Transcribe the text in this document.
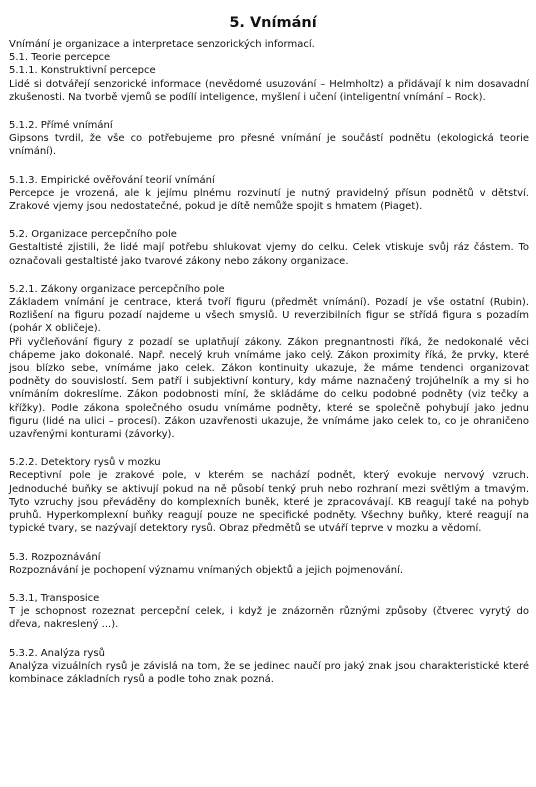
5. Vnímání
Vnímání je organizace a interpretace senzorických informací.
5.1. Teorie percepce
5.1.1. Konstruktivní percepce
Lidé si dotvářejí senzorické informace (nevědomé usuzování – Helmholtz) a přidávají k nim dosavadní zkušenosti. Na tvorbě vjemů se podílí inteligence, myšlení i učení (inteligentní vnímání – Rock).
5.1.2. Přímé vnímání
Gipsons tvrdil, že vše co potřebujeme pro přesné vnímání je součástí podnětu (ekologická teorie vnímání).
5.1.3. Empirické ověřování teorií vnímání
Percepce je vrozená, ale k jejímu plnému rozvinutí je nutný pravidelný přísun podnětů v dětství. Zrakové vjemy jsou nedostatečné, pokud je dítě nemůže spojit s hmatem (Piaget).
5.2. Organizace percepčního pole
Gestaltisté zjistili, že lidé mají potřebu shlukovat vjemy do celku. Celek vtiskuje svůj ráz částem. To označovali gestaltisté jako tvarové zákony nebo zákony organizace.
5.2.1. Zákony organizace percepčního pole
Základem vnímání je centrace, která tvoří figuru (předmět vnímání). Pozadí je vše ostatní (Rubin). Rozlišení na figuru pozadí najdeme u všech smyslů. U reverzibilních figur se střídá figura s pozadím (pohár X obličeje).
Při vyčleňování figury z pozadí se uplatňují zákony. Zákon pregnantnosti říká, že nedokonalé věci chápeme jako dokonalé. Např. necelý kruh vnímáme jako celý. Zákon proximity říká, že prvky, které jsou blízko sebe, vnímáme jako celek. Zákon kontinuity ukazuje, že máme tendenci organizovat podněty do souvislostí. Sem patří i subjektivní kontury, kdy máme naznačený trojúhelník a my si ho vnímáním dokreslíme. Zákon podobnosti míní, že skládáme do celku podobné podněty (viz tečky a křížky). Podle zákona společného osudu vnímáme podněty, které se společně pohybují jako jednu figuru (lidé na ulici – procesí). Zákon uzavřenosti ukazuje, že vnímáme jako celek to, co je ohraničeno uzavřenými konturami (závorky).
5.2.2. Detektory rysů v mozku
Receptivní pole je zrakové pole, v kterém se nachází podnět, který evokuje nervový vzruch. Jednoduché buňky se aktivují pokud na ně působí tenký pruh nebo rozhraní mezi světlým a tmavým. Tyto vzruchy jsou převáděny do komplexních buněk, které je zpracovávají. KB reagují také na pohyb pruhů. Hyperkomplexní buňky reagují pouze ne specifické podněty. Všechny buňky, které reagují na typické tvary, se nazývají detektory rysů. Obraz předmětů se utváří teprve v mozku a vědomí.
5.3. Rozpoznávání
Rozpoznávání je pochopení významu vnímaných objektů a jejich pojmenování.
5.3.1, Transposice
T je schopnost rozeznat percepční celek, i když je znázorněn různými způsoby (čtverec vyrytý do dřeva, nakreslený ...).
5.3.2. Analýza rysů
Analýza vizuálních rysů je závislá na tom, že se jedinec naučí pro jaký znak jsou charakteristické které kombinace základních rysů a podle toho znak pozná.
